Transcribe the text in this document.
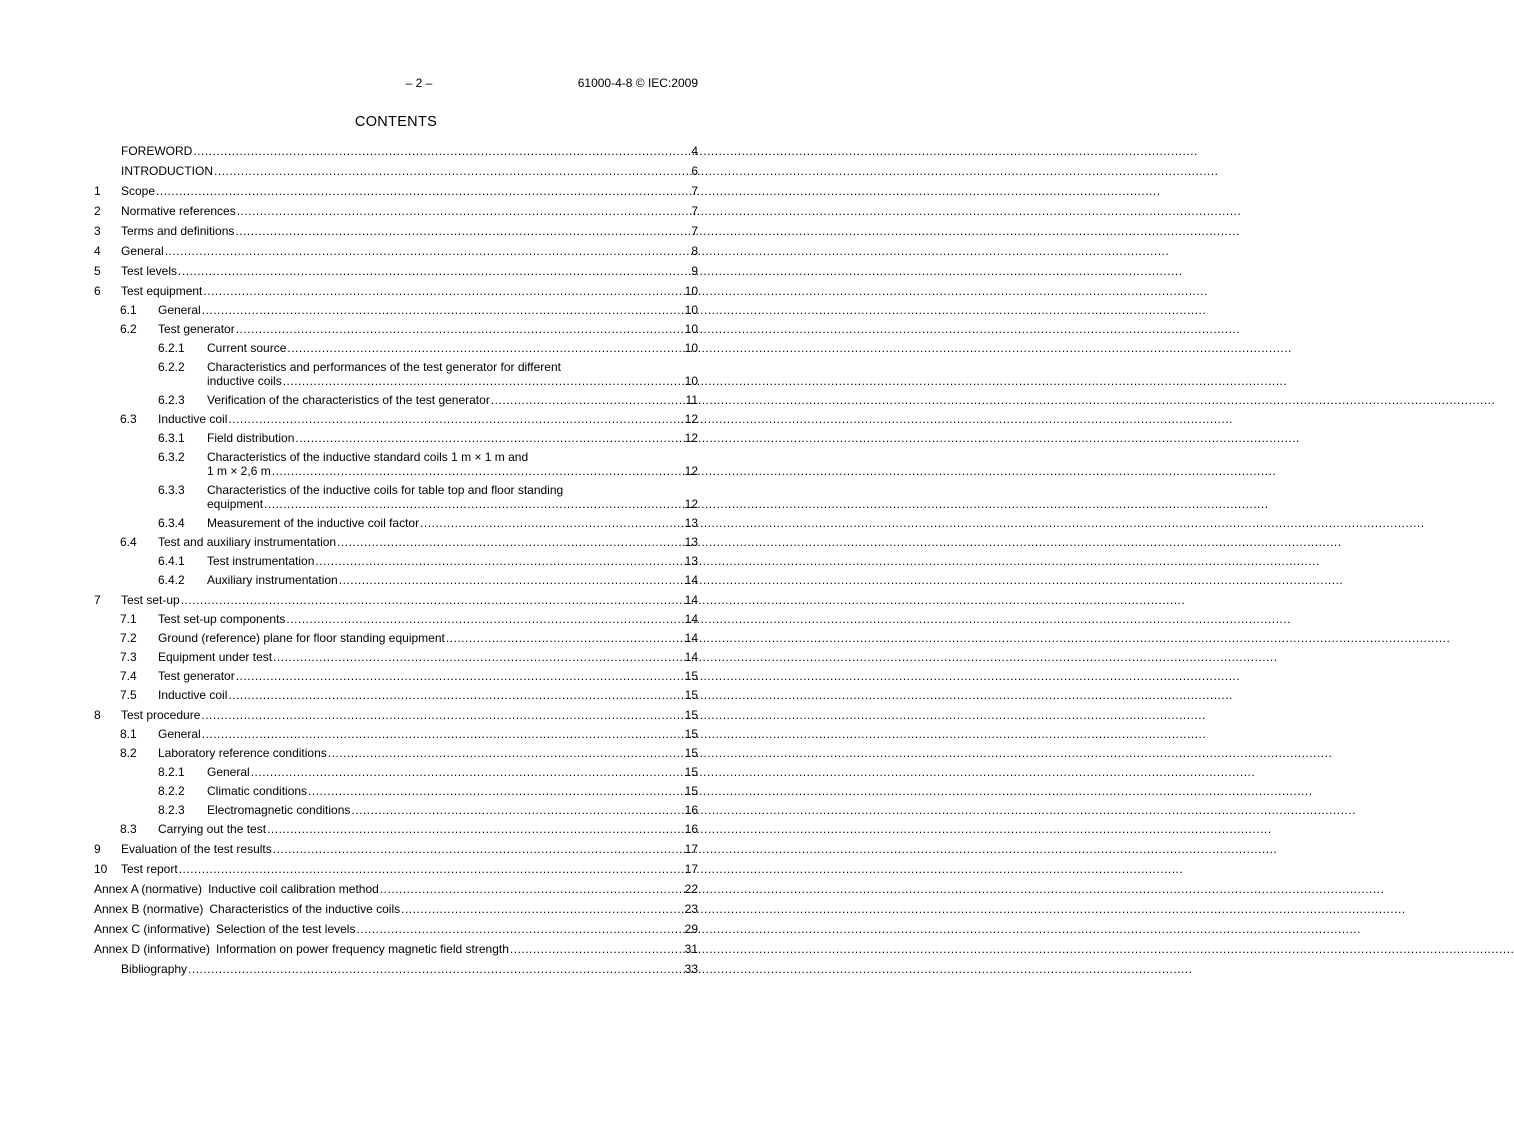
– 2 –	61000-4-8 © IEC:2009
CONTENTS
FOREWORD .....	4
INTRODUCTION .....	6
1	Scope .....	7
2	Normative references .....	7
3	Terms and definitions .....	7
4	General .....	8
5	Test levels .....	9
6	Test equipment .....	10
6.1	General .....	10
6.2	Test generator .....	10
6.2.1	Current source .....	10
6.2.2	Characteristics and performances of the test generator for different
inductive coils .....	10
6.2.3	Verification of the characteristics of the test generator .....	11
6.3	Inductive coil .....	12
6.3.1	Field distribution .....	12
6.3.2	Characteristics of the inductive standard coils 1 m × 1 m and
1 m × 2,6 m .....	12
6.3.3	Characteristics of the inductive coils for table top and floor standing
equipment .....	12
6.3.4	Measurement of the inductive coil factor .....	13
6.4	Test and auxiliary instrumentation .....	13
6.4.1	Test instrumentation .....	13
6.4.2	Auxiliary instrumentation .....	14
7	Test set-up .....	14
7.1	Test set-up components .....	14
7.2	Ground (reference) plane for floor standing equipment .....	14
7.3	Equipment under test .....	14
7.4	Test generator .....	15
7.5	Inductive coil .....	15
8	Test procedure .....	15
8.1	General .....	15
8.2	Laboratory reference conditions .....	15
8.2.1	General .....	15
8.2.2	Climatic conditions .....	15
8.2.3	Electromagnetic conditions .....	16
8.3	Carrying out the test .....	16
9	Evaluation of the test results .....	17
10	Test report .....	17
Annex A (normative) Inductive coil calibration method .....	22
Annex B (normative) Characteristics of the inductive coils .....	23
Annex C (informative) Selection of the test levels .....	29
Annex D (informative) Information on power frequency magnetic field strength .....	31
Bibliography .....	33
